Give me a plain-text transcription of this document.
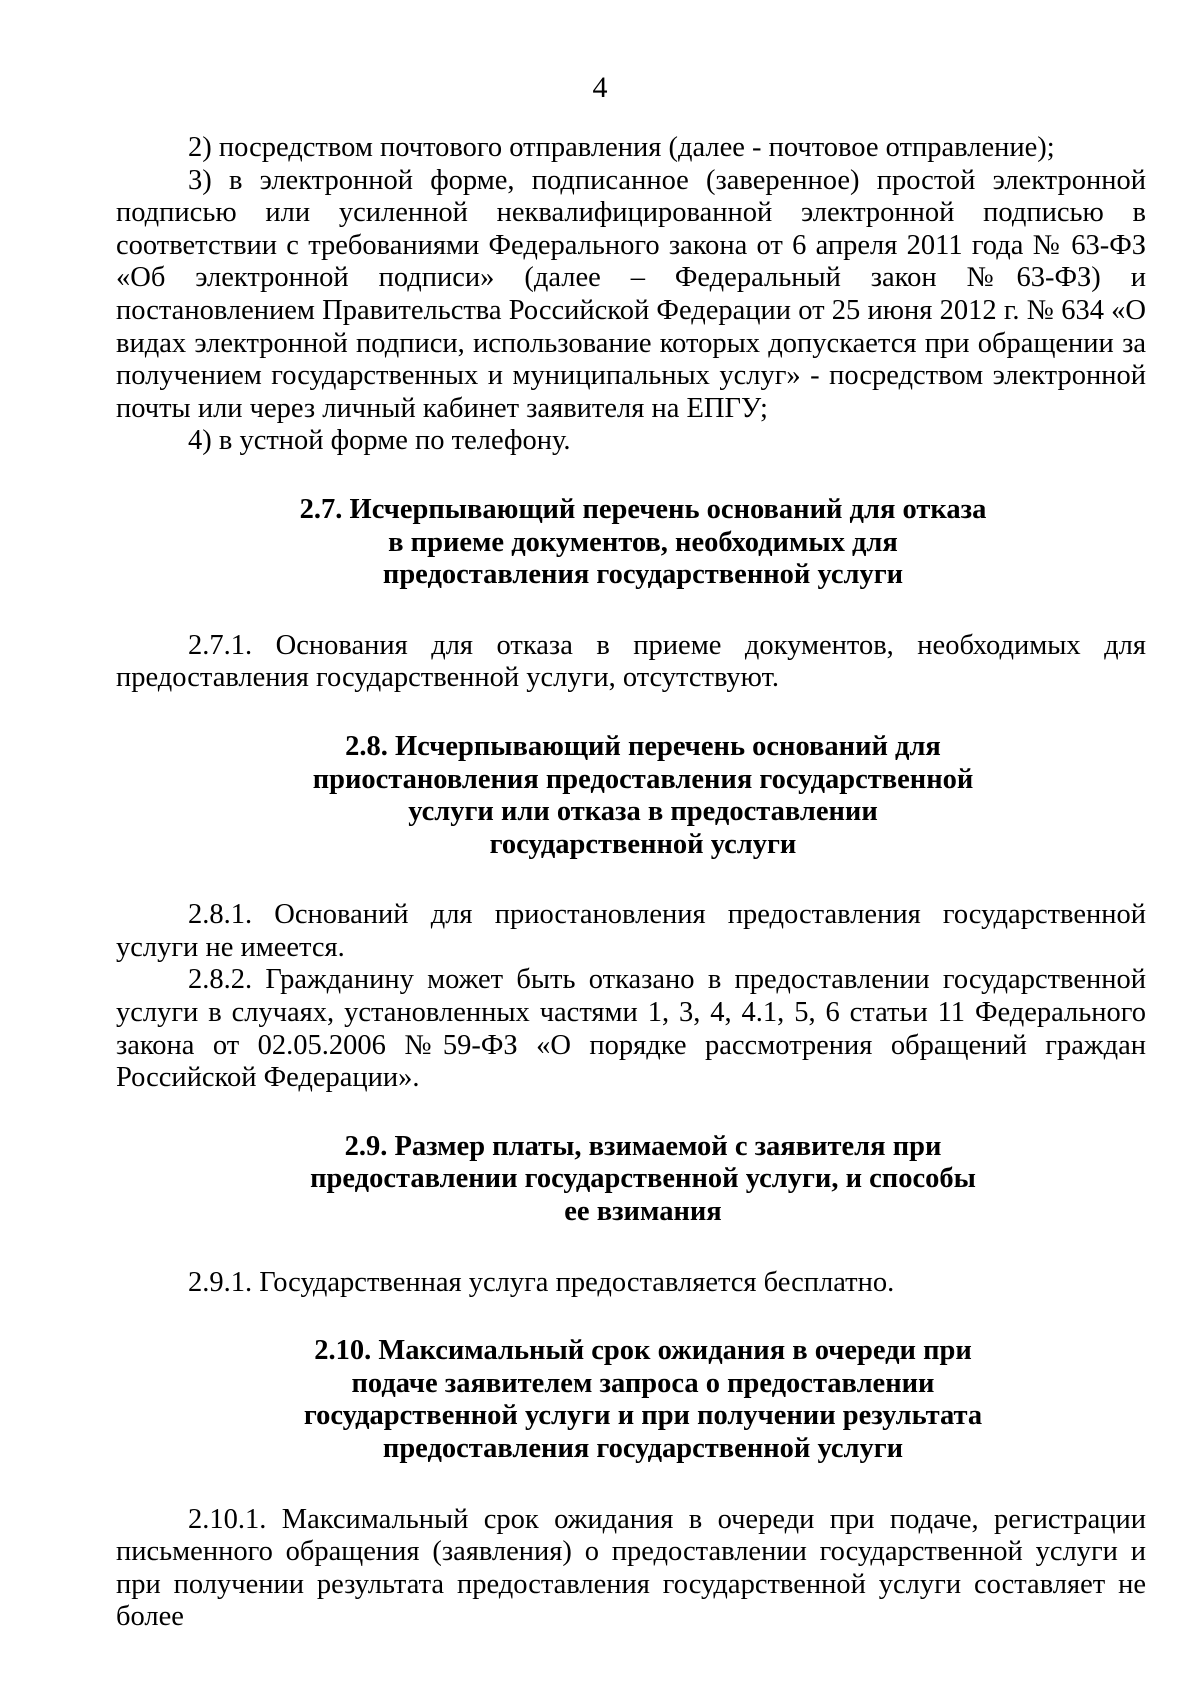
4

2) посредством почтового отправления (далее - почтовое отправление);

3) в электронной форме, подписанное (заверенное) простой электронной подписью или усиленной неквалифицированной электронной подписью в соответствии с требованиями Федерального закона от 6 апреля 2011 года № 63-ФЗ «Об электронной подписи» (далее – Федеральный закон №63-ФЗ) и постановлением Правительства Российской Федерации от 25 июня 2012 г. № 634 «О видах электронной подписи, использование которых допускается при обращении за получением государственных и муниципальных услуг» - посредством электронной почты или через личный кабинет заявителя на ЕПГУ;

4) в устной форме по телефону.

2.7. Исчерпывающий перечень оснований для отказа
в приеме документов, необходимых для
предоставления государственной услуги

2.7.1. Основания для отказа в приеме документов, необходимых для предоставления государственной услуги, отсутствуют.

2.8. Исчерпывающий перечень оснований для
приостановления предоставления государственной
услуги или отказа в предоставлении
государственной услуги

2.8.1. Оснований для приостановления предоставления государственной услуги не имеется.

2.8.2. Гражданину может быть отказано в предоставлении государственной услуги в случаях, установленных частями 1, 3, 4, 4.1, 5, 6 статьи 11 Федерального закона от 02.05.2006 №59-ФЗ «О порядке рассмотрения обращений граждан Российской Федерации».

2.9. Размер платы, взимаемой с заявителя при
предоставлении государственной услуги, и способы
ее взимания

2.9.1. Государственная услуга предоставляется бесплатно.

2.10. Максимальный срок ожидания в очереди при
подаче заявителем запроса о предоставлении
государственной услуги и при получении результата
предоставления государственной услуги

2.10.1. Максимальный срок ожидания в очереди при подаче, регистрации письменного обращения (заявления) о предоставлении государственной услуги и при получении результата предоставления государственной услуги составляет не более
